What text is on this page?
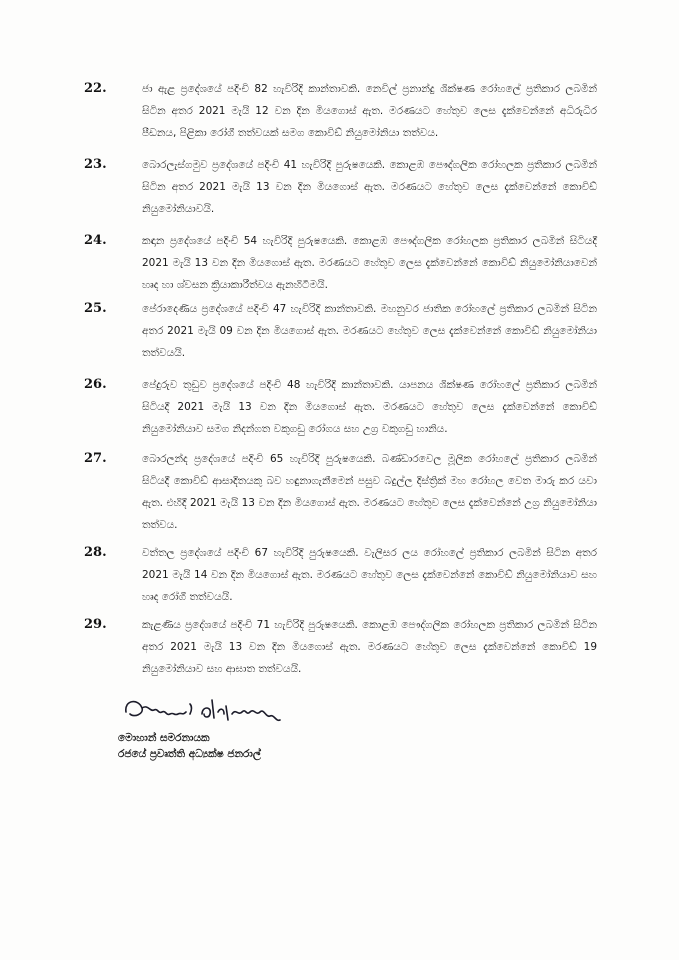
22.	ජා ඇළ ප්‍රදේශයේ පදිංචි 82 හැවිරිදි කාන්තාවකි. නෙවිල් ප්‍රනාන්දු ශික්ෂණ රෝහලේ ප්‍රතිකාර ලබමින් සිටින අතර 2021 මැයි 12 වන දින මියගොස් ඇත. මරණයට හේතුව ලෙස දැක්වෙන්නේ අධිරුධිර පීඩනය, පිළිකා රෝගී තත්වයක් සමග කොවිඩ් නියුමෝනියා තත්වය.
23.	බොරලැස්ගමුව ප්‍රදේශයේ පදිංචි 41 හැවිරිදි පුරුෂයෙකි. කොළඹ පෞද්ගලික රෝහලක ප්‍රතිකාර ලබමින් සිටින අතර 2021 මැයි 13 වන දින මියගොස් ඇත. මරණයට හේතුව ලෙස දැක්වෙන්නේ කොවිඩ් නියුමෝනියාවයි.
24.	කඳාන ප්‍රදේශයේ පදිංචි 54 හැවිරිදි පුරුෂයෙකි. කොළඹ පෞද්ගලික රෝහලක ප්‍රතිකාර ලබමින් සිටියදී 2021 මැයි 13 වන දින මියගොස් ඇත. මරණයට හේතුව ලෙස දැක්වෙන්නේ කොවිඩ් නියුමෝනියාවෙන් හෘද හා ශ්වසන ක්‍රියාකාරීත්වය ඇනහිටීමයි.
25.	පේරාදෙණිය ප්‍රදේශයේ පදිංචි 47 හැවිරිදි කාන්තාවකි. මහනුවර ජාතික රෝහලේ ප්‍රතිකාර ලබමින් සිටින අතර 2021 මැයි 09 වන දින මියගොස් ඇත. මරණයට හේතුව ලෙස දැක්වෙන්නේ කොවිඩ් නියුමෝනියා තත්වයයි.
26.	පේදුරුව තුඩුව ප්‍රදේශයේ පදිංචි 48 හැවිරිදි කාන්තාවකි. යාපනය ශික්ෂණ රෝහලේ ප්‍රතිකාර ලබමින් සිටියදී 2021 මැයි 13 වන දින මියගොස් ඇත. මරණයට හේතුව ලෙස දැක්වෙන්නේ කොවිඩ් නියුමෝනියාව සමග නිදන්ගත වකුගඩු රෝගය සහ උග්‍ර වකුගඩු හානිය.
27.	බොරලන්ද ප්‍රදේශයේ පදිංචි 65 හැවිරිදි පුරුෂයෙකි. බණ්ඩාරවෙල මූලික රෝහලේ ප්‍රතිකාර ලබමින් සිටියදී කොවිඩ් ආසාදිතයකු බව හඳුනාගැනීමෙන් පසුව බදුල්ල දිස්ත්‍රික් මහ රෝහල වෙත මාරු කර යවා ඇත. එහිදී 2021 මැයි 13 වන දින මියගොස් ඇත. මරණයට හේතුව ලෙස දැක්වෙන්නේ උග්‍ර නියුමෝනියා තත්වය.
28.	වත්තල ප්‍රදේශයේ පදිංචි 67 හැවිරිදි පුරුෂයෙකි. වැලිසර ලය රෝහලේ ප්‍රතිකාර ලබමින් සිටින අතර 2021 මැයි 14 වන දින මියගොස් ඇත. මරණයට හේතුව ලෙස දැක්වෙන්නේ කොවිඩ් නියුමෝනියාව සහ හෘද රෝගී තත්වයයි.
29.	කැළණිය ප්‍රදේශයේ පදිංචි 71 හැවිරිදි පුරුෂයෙකි. කොළඹ පෞද්ගලික රෝහලක ප්‍රතිකාර ලබමින් සිටින අතර 2021 මැයි 13 වන දින මියගොස් ඇත. මරණයට හේතුව ලෙස දැක්වෙන්නේ කොවිඩ් 19 නියුමෝනියාව සහ ආඝාත තත්වයයි.
මොහාන් සමරනායක
රජයේ ප්‍රවෘත්ති අධ්‍යක්ෂ ජනරාල්
